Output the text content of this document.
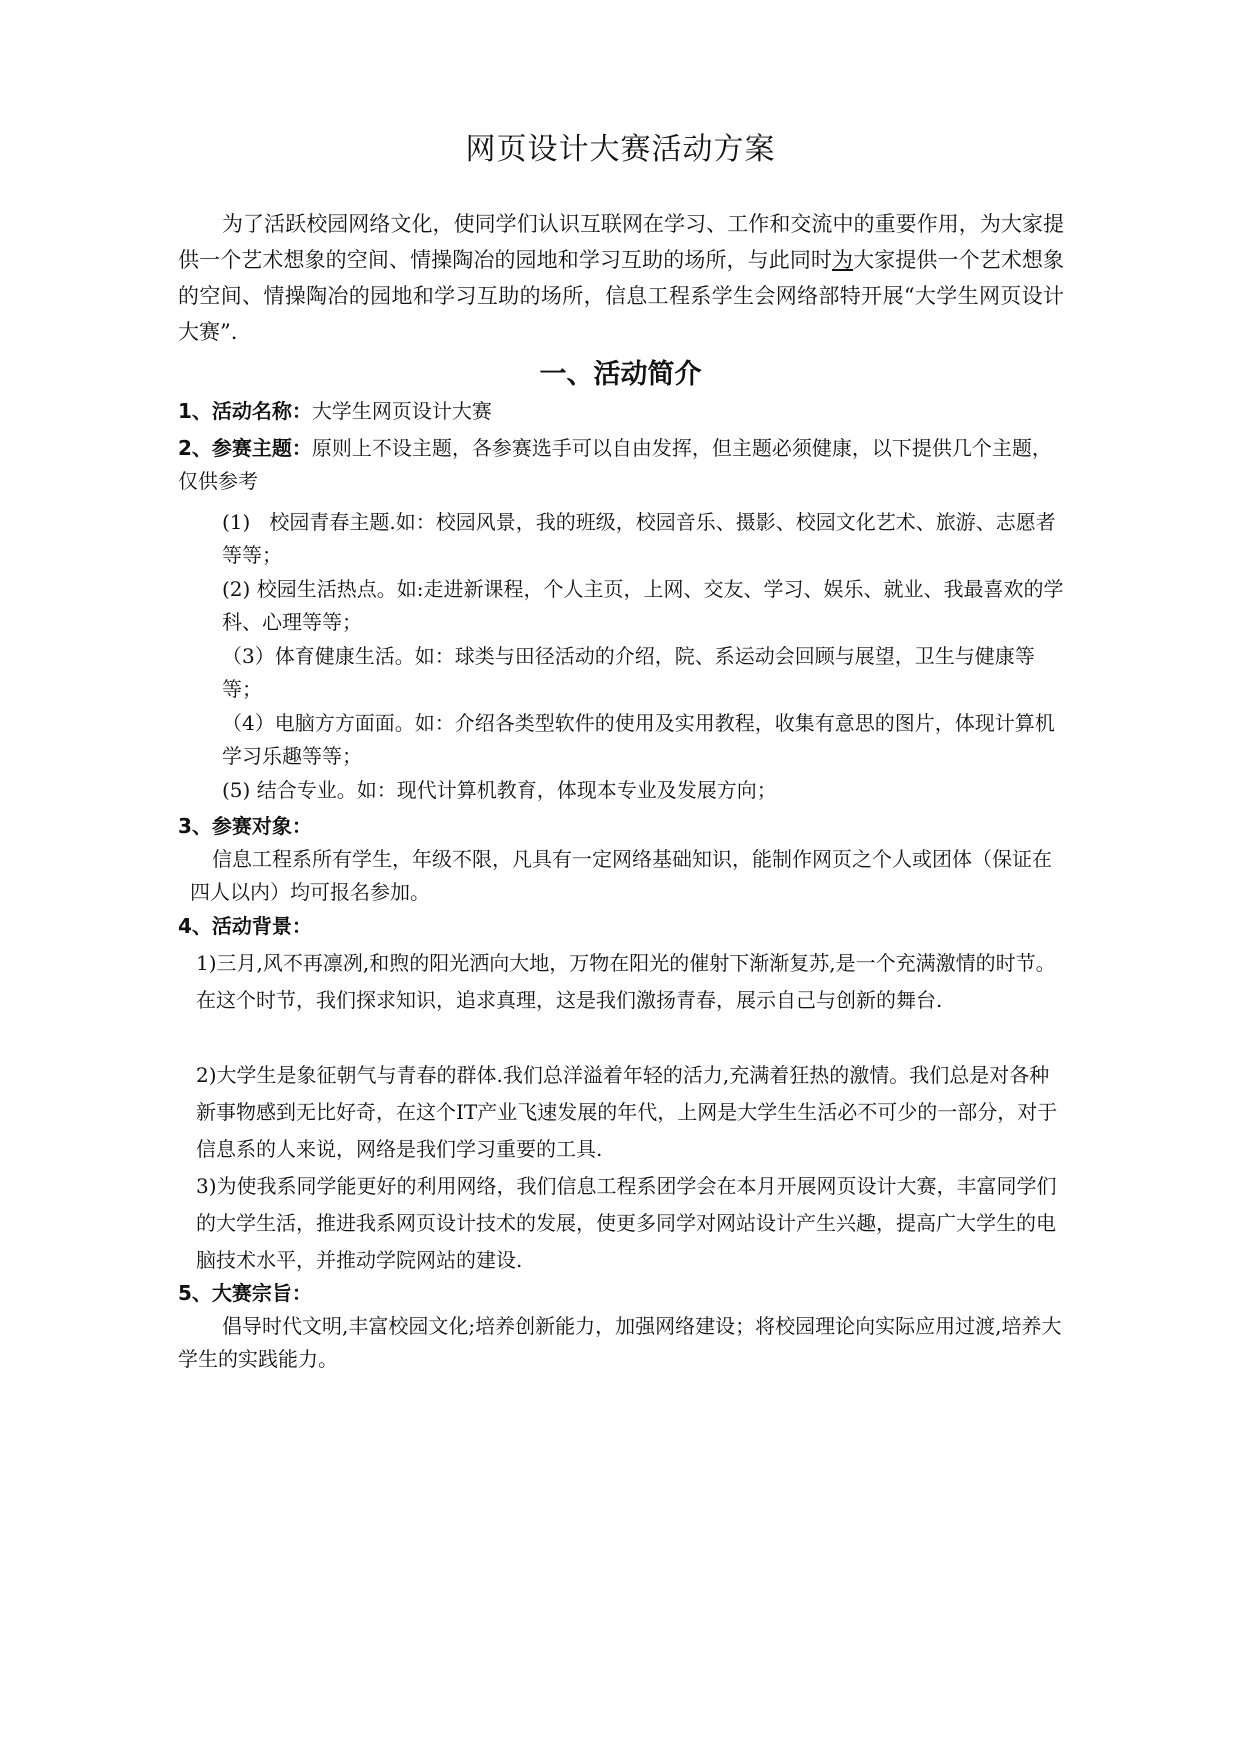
网页设计大赛活动方案

为了活跃校园网络文化，使同学们认识互联网在学习、工作和交流中的重要作用，为大家提供一个艺术想象的空间、情操陶冶的园地和学习互助的场所，与此同时为大家提供一个艺术想象的空间、情操陶冶的园地和学习互助的场所，信息工程系学生会网络部特开展“大学生网页设计大赛”.

一、活动简介

1、活动名称：大学生网页设计大赛

2、参赛主题：原则上不设主题，各参赛选手可以自由发挥，但主题必须健康，以下提供几个主题，仅供参考

(1) 校园青春主题.如：校园风景，我的班级，校园音乐、摄影、校园文化艺术、旅游、志愿者等等；

(2) 校园生活热点。如:走进新课程，个人主页，上网、交友、学习、娱乐、就业、我最喜欢的学科、心理等等；

（3）体育健康生活。如：球类与田径活动的介绍，院、系运动会回顾与展望，卫生与健康等等；

（4）电脑方方面面。如：介绍各类型软件的使用及实用教程，收集有意思的图片，体现计算机学习乐趣等等；

(5) 结合专业。如：现代计算机教育，体现本专业及发展方向；

3、参赛对象：

信息工程系所有学生，年级不限，凡具有一定网络基础知识，能制作网页之个人或团体（保证在四人以内）均可报名参加。

4、活动背景：

1)三月,风不再凛冽,和煦的阳光洒向大地，万物在阳光的催射下渐渐复苏,是一个充满激情的时节。在这个时节，我们探求知识，追求真理，这是我们激扬青春，展示自己与创新的舞台.

2)大学生是象征朝气与青春的群体.我们总洋溢着年轻的活力,充满着狂热的激情。我们总是对各种新事物感到无比好奇，在这个IT产业飞速发展的年代，上网是大学生生活必不可少的一部分，对于信息系的人来说，网络是我们学习重要的工具.

3)为使我系同学能更好的利用网络，我们信息工程系团学会在本月开展网页设计大赛，丰富同学们的大学生活，推进我系网页设计技术的发展，使更多同学对网站设计产生兴趣，提高广大学生的电脑技术水平，并推动学院网站的建设.

5、大赛宗旨：

倡导时代文明,丰富校园文化;培养创新能力，加强网络建设；将校园理论向实际应用过渡,培养大学生的实践能力。
